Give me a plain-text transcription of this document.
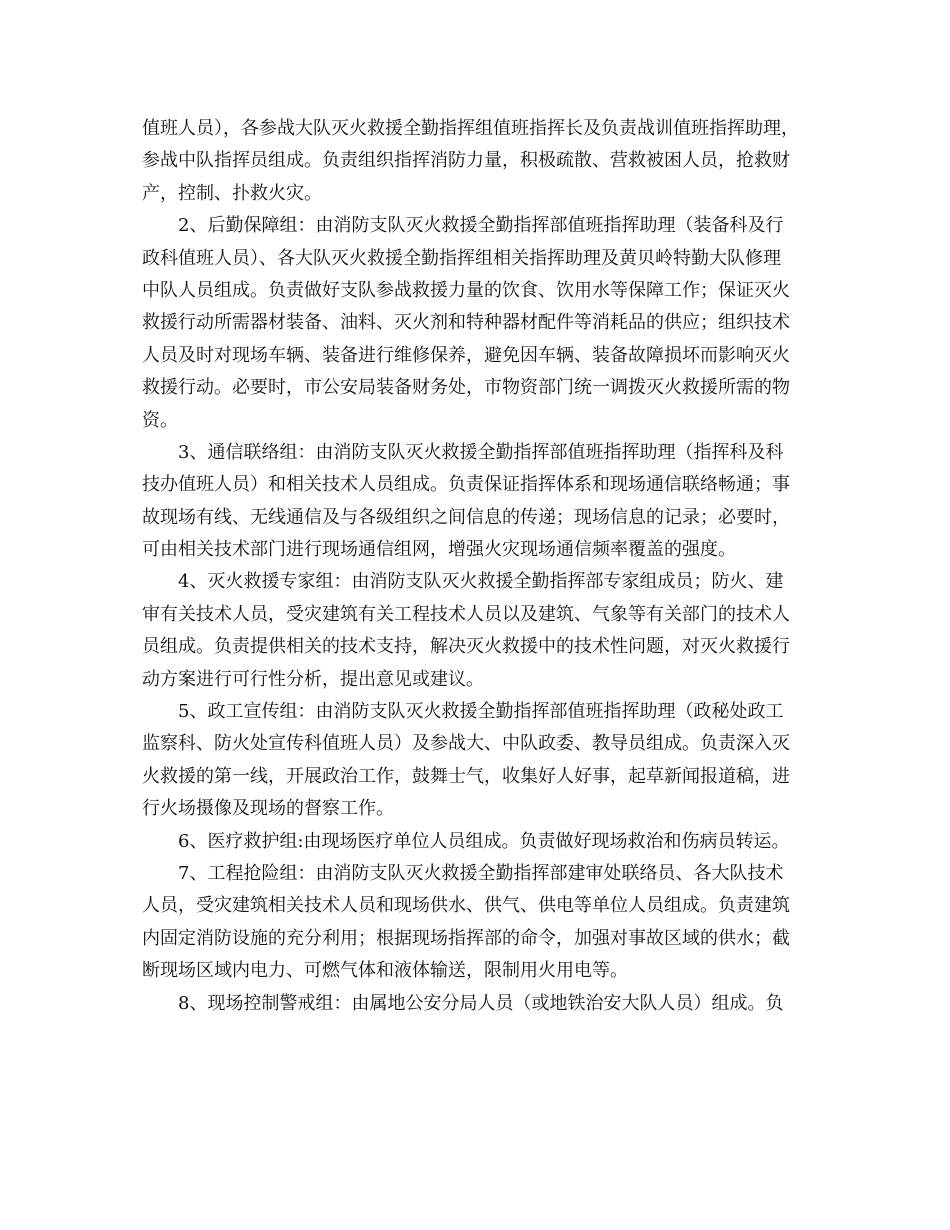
值班人员），各参战大队灭火救援全勤指挥组值班指挥长及负责战训值班指挥助理，
参战中队指挥员组成。负责组织指挥消防力量，积极疏散、营救被困人员，抢救财
产，控制、扑救火灾。
　　2、后勤保障组：由消防支队灭火救援全勤指挥部值班指挥助理（装备科及行
政科值班人员）、各大队灭火救援全勤指挥组相关指挥助理及黄贝岭特勤大队修理
中队人员组成。负责做好支队参战救援力量的饮食、饮用水等保障工作；保证灭火
救援行动所需器材装备、油料、灭火剂和特种器材配件等消耗品的供应；组织技术
人员及时对现场车辆、装备进行维修保养，避免因车辆、装备故障损坏而影响灭火
救援行动。必要时，市公安局装备财务处，市物资部门统一调拨灭火救援所需的物
资。
　　3、通信联络组：由消防支队灭火救援全勤指挥部值班指挥助理（指挥科及科
技办值班人员）和相关技术人员组成。负责保证指挥体系和现场通信联络畅通；事
故现场有线、无线通信及与各级组织之间信息的传递；现场信息的记录；必要时，
可由相关技术部门进行现场通信组网，增强火灾现场通信频率覆盖的强度。
　　4、灭火救援专家组：由消防支队灭火救援全勤指挥部专家组成员；防火、建
审有关技术人员，受灾建筑有关工程技术人员以及建筑、气象等有关部门的技术人
员组成。负责提供相关的技术支持，解决灭火救援中的技术性问题，对灭火救援行
动方案进行可行性分析，提出意见或建议。
　　5、政工宣传组：由消防支队灭火救援全勤指挥部值班指挥助理（政秘处政工
监察科、防火处宣传科值班人员）及参战大、中队政委、教导员组成。负责深入灭
火救援的第一线，开展政治工作，鼓舞士气，收集好人好事，起草新闻报道稿，进
行火场摄像及现场的督察工作。
　　6、医疗救护组:由现场医疗单位人员组成。负责做好现场救治和伤病员转运。
　　7、工程抢险组：由消防支队灭火救援全勤指挥部建审处联络员、各大队技术
人员，受灾建筑相关技术人员和现场供水、供气、供电等单位人员组成。负责建筑
内固定消防设施的充分利用；根据现场指挥部的命令，加强对事故区域的供水；截
断现场区域内电力、可燃气体和液体输送，限制用火用电等。
　　8、现场控制警戒组：由属地公安分局人员（或地铁治安大队人员）组成。负
